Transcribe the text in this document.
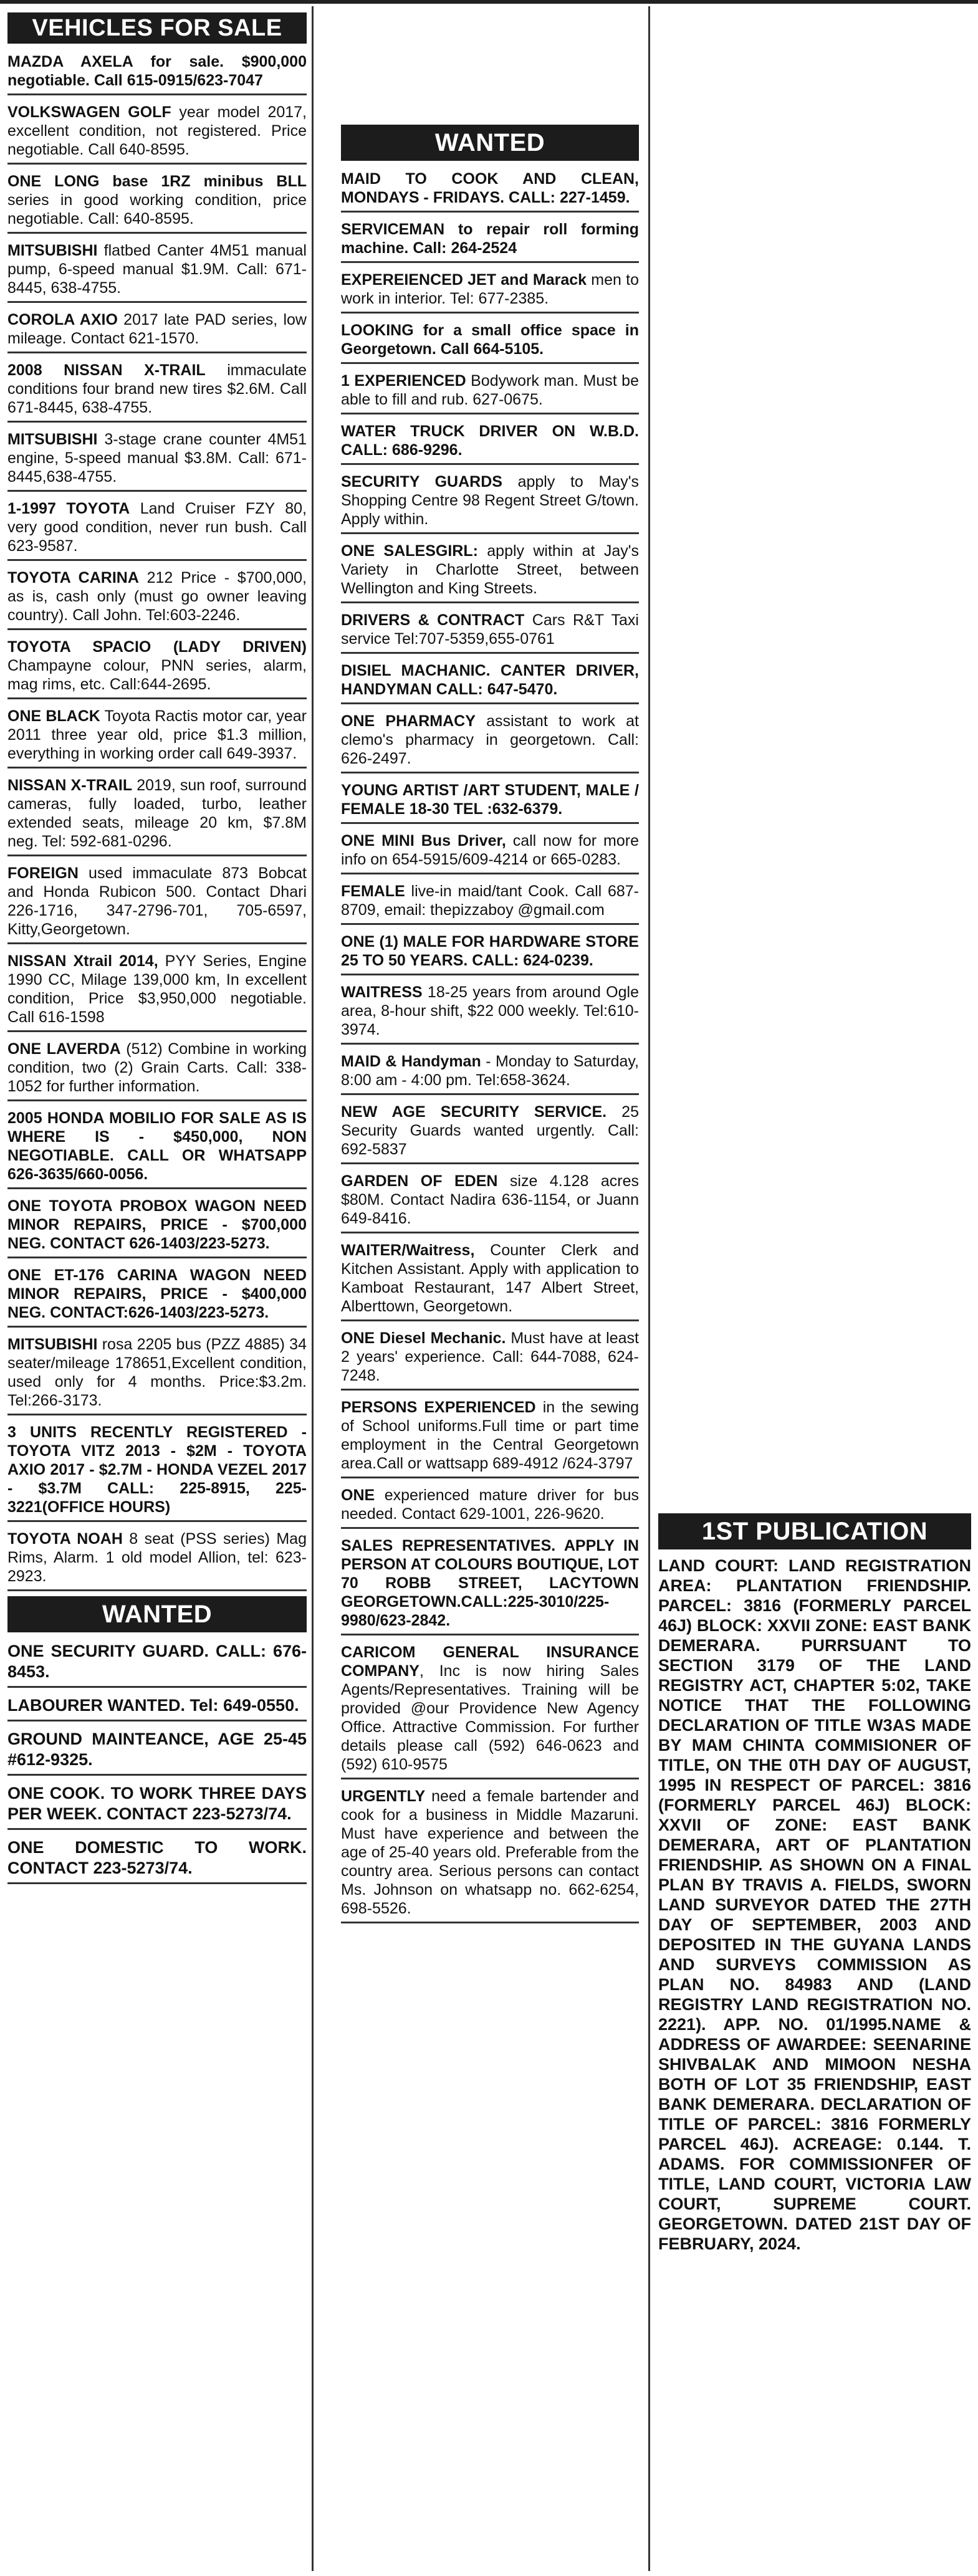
VEHICLES FOR SALE
MAZDA AXELA for sale. $900,000 negotiable. Call 615-0915/623-7047
VOLKSWAGEN GOLF year model 2017, excellent condition, not registered. Price negotiable. Call 640-8595.
ONE LONG base 1RZ minibus BLL series in good working condition, price negotiable. Call: 640-8595.
MITSUBISHI flatbed Canter 4M51 manual pump, 6-speed manual $1.9M. Call: 671-8445, 638-4755.
COROLA AXIO 2017 late PAD series, low mileage. Contact 621-1570.
2008 NISSAN X-TRAIL immaculate conditions four brand new tires $2.6M. Call 671-8445, 638-4755.
MITSUBISHI 3-stage crane counter 4M51 engine, 5-speed manual $3.8M. Call: 671-8445,638-4755.
1-1997 TOYOTA Land Cruiser FZY 80, very good condition, never run bush. Call 623-9587.
TOYOTA CARINA 212 Price - $700,000, as is, cash only (must go owner leaving country). Call John. Tel:603-2246.
TOYOTA SPACIO (LADY DRIVEN) Champayne colour, PNN series, alarm, mag rims, etc. Call:644-2695.
ONE BLACK Toyota Ractis motor car, year 2011 three year old, price $1.3 million, everything in working order call 649-3937.
NISSAN X-TRAIL 2019, sun roof, surround cameras, fully loaded, turbo, leather extended seats, mileage 20 km, $7.8M neg. Tel: 592-681-0296.
FOREIGN used immaculate 873 Bobcat and Honda Rubicon 500. Contact Dhari 226-1716, 347-2796-701, 705-6597, Kitty,Georgetown.
NISSAN Xtrail 2014, PYY Series, Engine 1990 CC, Milage 139,000 km, In excellent condition, Price $3,950,000 negotiable. Call 616-1598
ONE LAVERDA (512) Combine in working condition, two (2) Grain Carts. Call: 338-1052 for further information.
2005 HONDA MOBILIO FOR SALE AS IS WHERE IS - $450,000, NON NEGOTIABLE. CALL OR WHATSAPP 626-3635/660-0056.
ONE TOYOTA PROBOX WAGON NEED MINOR REPAIRS, PRICE - $700,000 NEG. CONTACT 626-1403/223-5273.
ONE ET-176 CARINA WAGON NEED MINOR REPAIRS, PRICE - $400,000 NEG. CONTACT:626-1403/223-5273.
MITSUBISHI rosa 2205 bus (PZZ 4885) 34 seater/mileage 178651,Excellent condition, used only for 4 months. Price:$3.2m. Tel:266-3173.
3 UNITS RECENTLY REGISTERED - TOYOTA VITZ 2013 - $2M - TOYOTA AXIO 2017 - $2.7M - HONDA VEZEL 2017 - $3.7M CALL: 225-8915, 225-3221(OFFICE HOURS)
TOYOTA NOAH 8 seat (PSS series) Mag Rims, Alarm. 1 old model Allion, tel: 623-2923.
WANTED
ONE SECURITY GUARD. CALL: 676-8453.
LABOURER WANTED. Tel: 649-0550.
GROUND MAINTEANCE, AGE 25-45 #612-9325.
ONE COOK. TO WORK THREE DAYS PER WEEK. CONTACT 223-5273/74.
ONE DOMESTIC TO WORK. CONTACT 223-5273/74.
WANTED
MAID TO COOK AND CLEAN, MONDAYS - FRIDAYS. CALL: 227-1459.
SERVICEMAN to repair roll forming machine. Call: 264-2524
EXPEREIENCED JET and Marack men to work in interior. Tel: 677-2385.
LOOKING for a small office space in Georgetown. Call 664-5105.
1 EXPERIENCED Bodywork man. Must be able to fill and rub. 627-0675.
WATER TRUCK DRIVER ON W.B.D. CALL: 686-9296.
SECURITY GUARDS apply to May's Shopping Centre 98 Regent Street G/town. Apply within.
ONE SALESGIRL: apply within at Jay's Variety in Charlotte Street, between Wellington and King Streets.
DRIVERS & CONTRACT Cars R&T Taxi service Tel:707-5359,655-0761
DISIEL MACHANIC. CANTER DRIVER, HANDYMAN CALL: 647-5470.
ONE PHARMACY assistant to work at clemo's pharmacy in georgetown. Call: 626-2497.
YOUNG ARTIST /ART STUDENT, MALE / FEMALE 18-30 TEL :632-6379.
ONE MINI Bus Driver, call now for more info on 654-5915/609-4214 or 665-0283.
FEMALE live-in maid/tant Cook. Call 687-8709, email: thepizzaboy @gmail.com
ONE (1) MALE FOR HARDWARE STORE 25 TO 50 YEARS. CALL: 624-0239.
WAITRESS 18-25 years from around Ogle area, 8-hour shift, $22 000 weekly. Tel:610-3974.
MAID & Handyman - Monday to Saturday, 8:00 am - 4:00 pm. Tel:658-3624.
NEW AGE SECURITY SERVICE. 25 Security Guards wanted urgently. Call: 692-5837
GARDEN OF EDEN size 4.128 acres $80M. Contact Nadira 636-1154, or Juann 649-8416.
WAITER/Waitress, Counter Clerk and Kitchen Assistant. Apply with application to Kamboat Restaurant, 147 Albert Street, Alberttown, Georgetown.
ONE Diesel Mechanic. Must have at least 2 years' experience. Call: 644-7088, 624-7248.
PERSONS EXPERIENCED in the sewing of School uniforms.Full time or part time employment in the Central Georgetown area.Call or wattsapp 689-4912 /624-3797
ONE experienced mature driver for bus needed. Contact 629-1001, 226-9620.
SALES REPRESENTATIVES. APPLY IN PERSON AT COLOURS BOUTIQUE, LOT 70 ROBB STREET, LACYTOWN GEORGETOWN.CALL:225-3010/225-9980/623-2842.
CARICOM GENERAL INSURANCE COMPANY, Inc is now hiring Sales Agents/Representatives. Training will be provided @our Providence New Agency Office. Attractive Commission. For further details please call (592) 646-0623 and (592) 610-9575
URGENTLY need a female bartender and cook for a business in Middle Mazaruni. Must have experience and between the age of 25-40 years old. Preferable from the country area. Serious persons can contact Ms. Johnson on whatsapp no. 662-6254, 698-5526.
1ST PUBLICATION
LAND COURT: LAND REGISTRATION AREA: PLANTATION FRIENDSHIP. PARCEL: 3816 (FORMERLY PARCEL 46J) BLOCK: XXVII ZONE: EAST BANK DEMERARA. PURRSUANT TO SECTION 3179 OF THE LAND REGISTRY ACT, CHAPTER 5:02, TAKE NOTICE THAT THE FOLLOWING DECLARATION OF TITLE W3AS MADE BY MAM CHINTA COMMISIONER OF TITLE, ON THE 0TH DAY OF AUGUST, 1995 IN RESPECT OF PARCEL: 3816 (FORMERLY PARCEL 46J) BLOCK: XXVII OF ZONE: EAST BANK DEMERARA, ART OF PLANTATION FRIENDSHIP. AS SHOWN ON A FINAL PLAN BY TRAVIS A. FIELDS, SWORN LAND SURVEYOR DATED THE 27TH DAY OF SEPTEMBER, 2003 AND DEPOSITED IN THE GUYANA LANDS AND SURVEYS COMMISSION AS PLAN NO. 84983 AND (LAND REGISTRY LAND REGISTRATION NO. 2221). APP. NO. 01/1995.NAME & ADDRESS OF AWARDEE: SEENARINE SHIVBALAK AND MIMOON NESHA BOTH OF LOT 35 FRIENDSHIP, EAST BANK DEMERARA. DECLARATION OF TITLE OF PARCEL: 3816 FORMERLY PARCEL 46J). ACREAGE: 0.144. T. ADAMS. FOR COMMISSIONFER OF TITLE, LAND COURT, VICTORIA LAW COURT, SUPREME COURT. GEORGETOWN. DATED 21ST DAY OF FEBRUARY, 2024.
